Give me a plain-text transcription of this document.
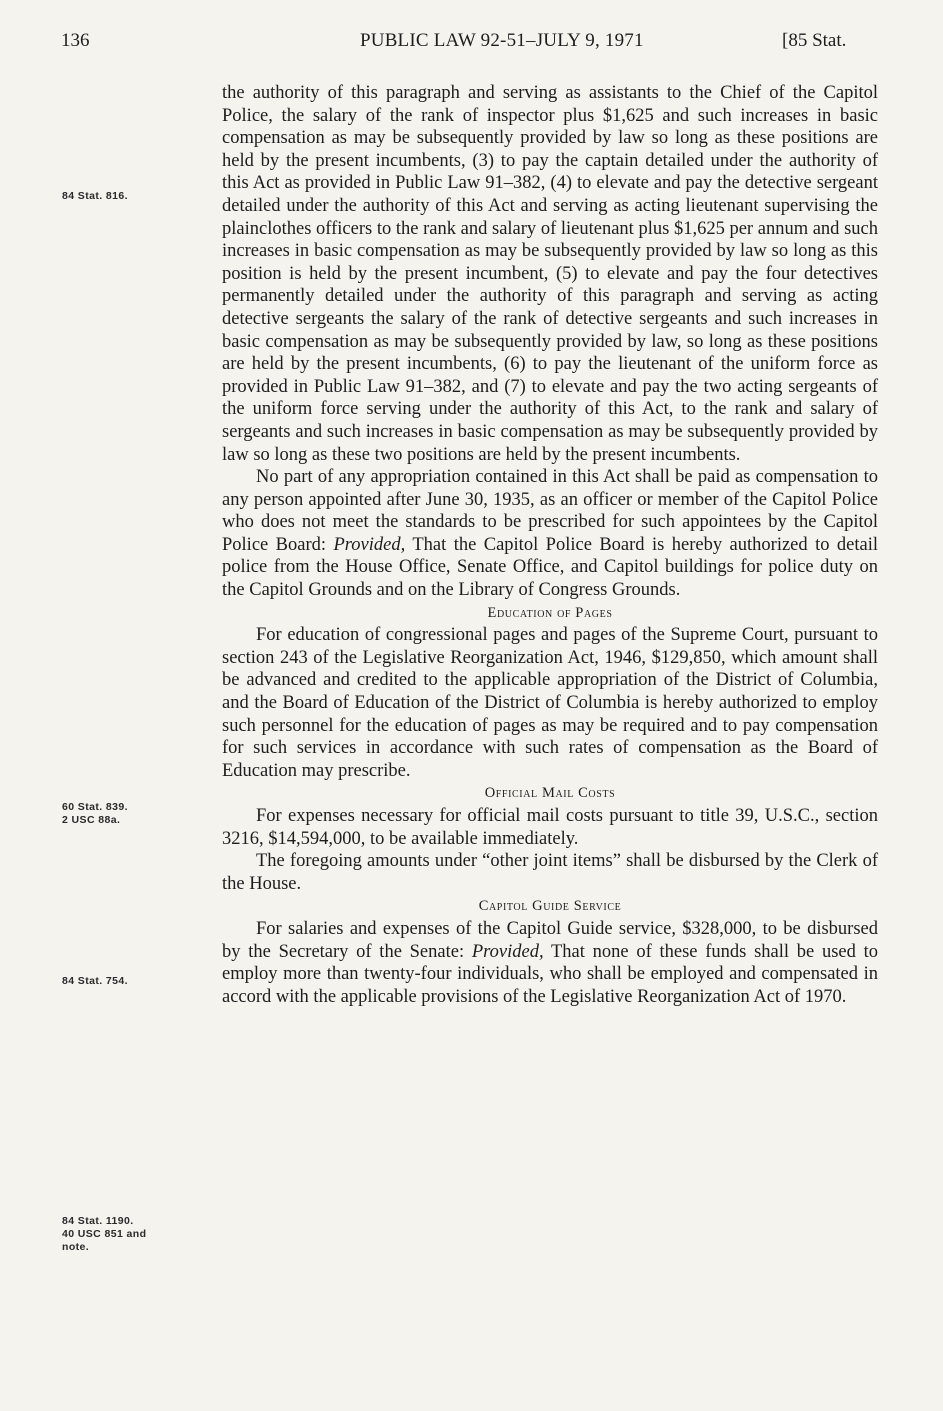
136	PUBLIC LAW 92-51–JULY 9, 1971	[85 Stat.
84 Stat. 816.
60 Stat. 839.
2 USC 88a.
84 Stat. 754.
84 Stat. 1190.
40 USC 851 and
note.

the authority of this paragraph and serving as assistants to the Chief of the Capitol Police, the salary of the rank of inspector plus $1,625 and such increases in basic compensation as may be subsequently provided by law so long as these positions are held by the present incumbents, (3) to pay the captain detailed under the authority of this Act as provided in Public Law 91–382, (4) to elevate and pay the detective sergeant detailed under the authority of this Act and serving as acting lieutenant supervising the plainclothes officers to the rank and salary of lieutenant plus $1,625 per annum and such increases in basic compensation as may be subsequently provided by law so long as this position is held by the present incumbent, (5) to elevate and pay the four detectives permanently detailed under the authority of this paragraph and serving as acting detective sergeants the salary of the rank of detective sergeants and such increases in basic compensation as may be subsequently provided by law, so long as these positions are held by the present incumbents, (6) to pay the lieutenant of the uniform force as provided in Public Law 91–382, and (7) to elevate and pay the two acting sergeants of the uniform force serving under the authority of this Act, to the rank and salary of sergeants and such increases in basic compensation as may be subsequently provided by law so long as these two positions are held by the present incumbents.

No part of any appropriation contained in this Act shall be paid as compensation to any person appointed after June 30, 1935, as an officer or member of the Capitol Police who does not meet the standards to be prescribed for such appointees by the Capitol Police Board: Provided, That the Capitol Police Board is hereby authorized to detail police from the House Office, Senate Office, and Capitol buildings for police duty on the Capitol Grounds and on the Library of Congress Grounds.

Education of Pages

For education of congressional pages and pages of the Supreme Court, pursuant to section 243 of the Legislative Reorganization Act, 1946, $129,850, which amount shall be advanced and credited to the applicable appropriation of the District of Columbia, and the Board of Education of the District of Columbia is hereby authorized to employ such personnel for the education of pages as may be required and to pay compensation for such services in accordance with such rates of compensation as the Board of Education may prescribe.

Official Mail Costs

For expenses necessary for official mail costs pursuant to title 39, U.S.C., section 3216, $14,594,000, to be available immediately.

The foregoing amounts under “other joint items” shall be disbursed by the Clerk of the House.

Capitol Guide Service

For salaries and expenses of the Capitol Guide service, $328,000, to be disbursed by the Secretary of the Senate: Provided, That none of these funds shall be used to employ more than twenty-four individuals, who shall be employed and compensated in accord with the applicable provisions of the Legislative Reorganization Act of 1970.
